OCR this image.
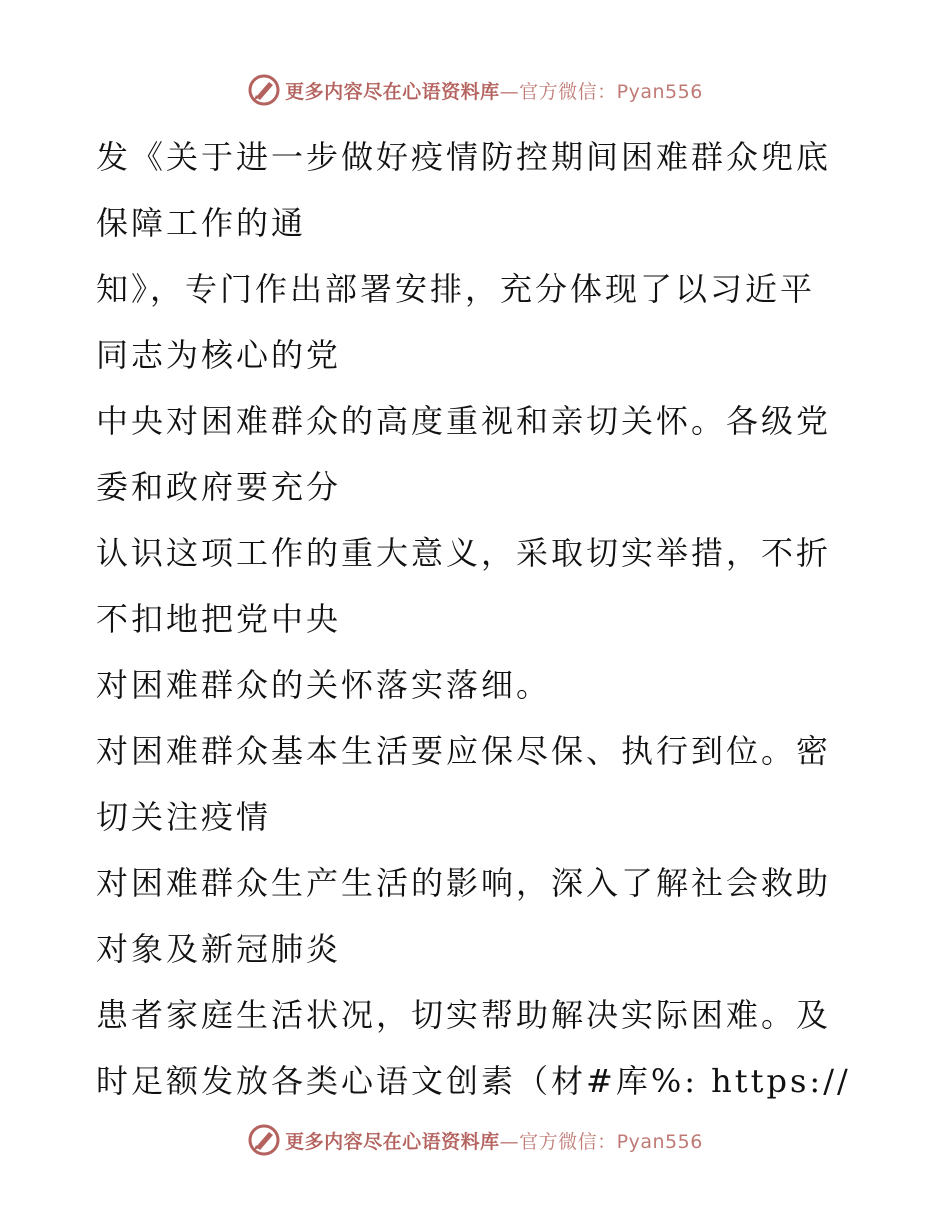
更多内容尽在心语资料库—官方微信：Pyan556

发《关于进一步做好疫情防控期间困难群众兜底

保障工作的通

知》，专门作出部署安排，充分体现了以习近平

同志为核心的党

中央对困难群众的高度重视和亲切关怀。各级党

委和政府要充分

认识这项工作的重大意义，采取切实举措，不折

不扣地把党中央

对困难群众的关怀落实落细。

对困难群众基本生活要应保尽保、执行到位。密

切关注疫情

对困难群众生产生活的影响，深入了解社会救助

对象及新冠肺炎

患者家庭生活状况，切实帮助解决实际困难。及

时足额发放各类心语文创素（材#库%: https://

更多内容尽在心语资料库—官方微信：Pyan556
